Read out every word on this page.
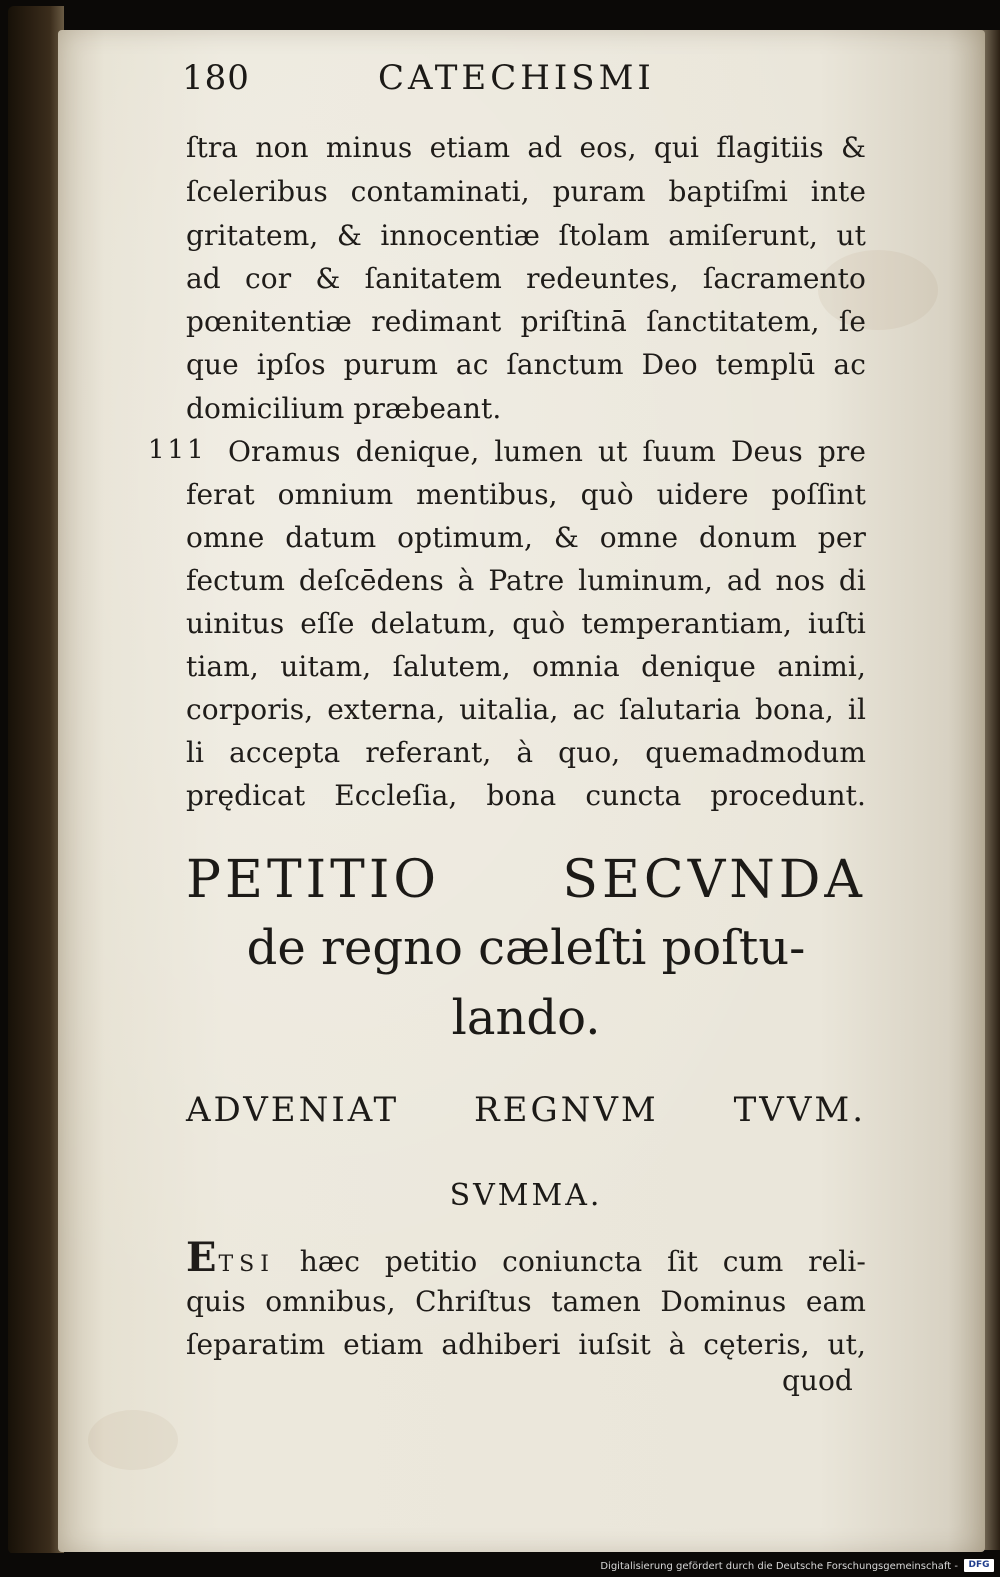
180	CATECHISMI
ſtra non minus etiam ad eos, qui flagitiis &
ſceleribus contaminati, puram baptiſmi inte
gritatem, & innocentiæ ſtolam amiſerunt, ut
ad cor & ſanitatem redeuntes, ſacramento
pœnitentiæ redimant priſtinā ſanctitatem, ſe
que ipſos purum ac ſanctum Deo templū ac
domicilium præbeant.
111 Oramus denique, lumen ut ſuum Deus pre
ferat omnium mentibus, quò uidere poſſint
omne datum optimum, & omne donum per
fectum deſcēdens à Patre luminum, ad nos di
uinitus eſſe delatum, quò temperantiam, iuſti
tiam, uitam, ſalutem, omnia denique animi,
corporis, externa, uitalia, ac ſalutaria bona, il
li accepta referant, à quo, quemadmodum
prędicat Eccleſia, bona cuncta procedunt.
PETITIO SECVNDA
de regno cæleſti poſtu-
lando.
ADVENIAT REGNVM TVVM.
SVMMA.
ETSI hæc petitio coniuncta ſit cum reli-
quis omnibus, Chriſtus tamen Dominus eam
ſeparatim etiam adhiberi iuſsit à cęteris, ut,
quod
Digitalisierung gefördert durch die Deutsche Forschungsgemeinschaft -	DFG
